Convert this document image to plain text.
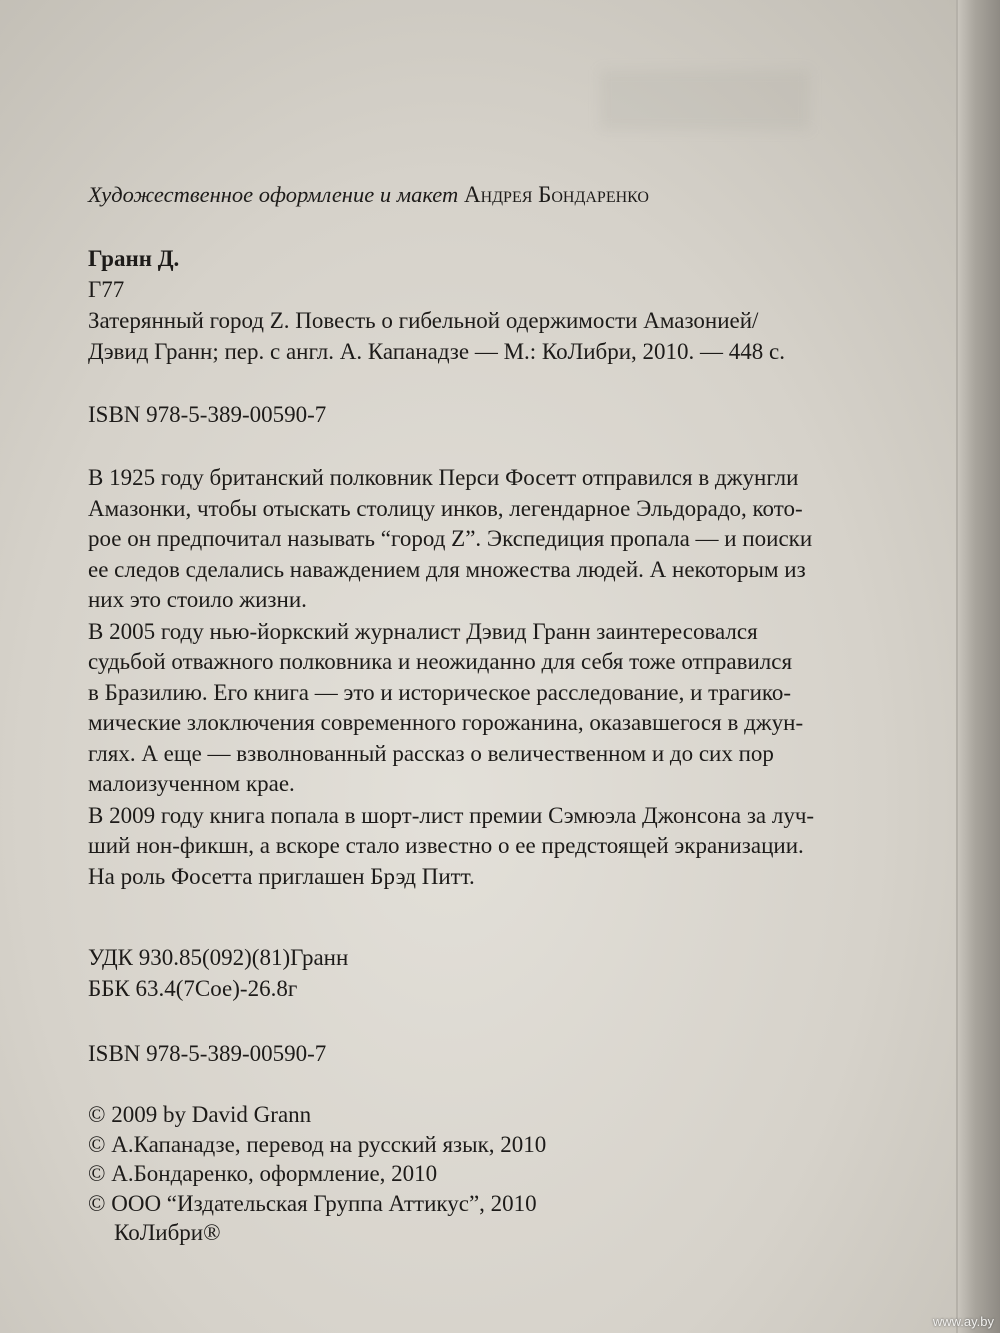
Художественное оформление и макет Андрея Бондаренко
Гранн Д.
Г77
Затерянный город Z. Повесть о гибельной одержимости Амазонией/
Дэвид Гранн; пер. с англ. А. Капанадзе — М.: КоЛибри, 2010. — 448 с.
ISBN 978-5-389-00590-7
В 1925 году британский полковник Перси Фосетт отправился в джунгли
Амазонки, чтобы отыскать столицу инков, легендарное Эльдорадо, кото-
рое он предпочитал называть “город Z”. Экспедиция пропала — и поиски
ее следов сделались наваждением для множества людей. А некоторым из
них это стоило жизни.
В 2005 году нью-йоркский журналист Дэвид Гранн заинтересовался
судьбой отважного полковника и неожиданно для себя тоже отправился
в Бразилию. Его книга — это и историческое расследование, и трагико-
мические злоключения современного горожанина, оказавшегося в джун-
глях. А еще — взволнованный рассказ о величественном и до сих пор
малоизученном крае.
В 2009 году книга попала в шорт-лист премии Сэмюэла Джонсона за луч-
ший нон-фикшн, а вскоре стало известно о ее предстоящей экранизации.
На роль Фосетта приглашен Брэд Питт.
УДК 930.85(092)(81)Гранн
ББК 63.4(7Сое)-26.8г
ISBN 978-5-389-00590-7
© 2009 by David Grann
© А.Капанадзе, перевод на русский язык, 2010
© А.Бондаренко, оформление, 2010
© ООО “Издательская Группа Аттикус”, 2010
КоЛибри®
www.ay.by
